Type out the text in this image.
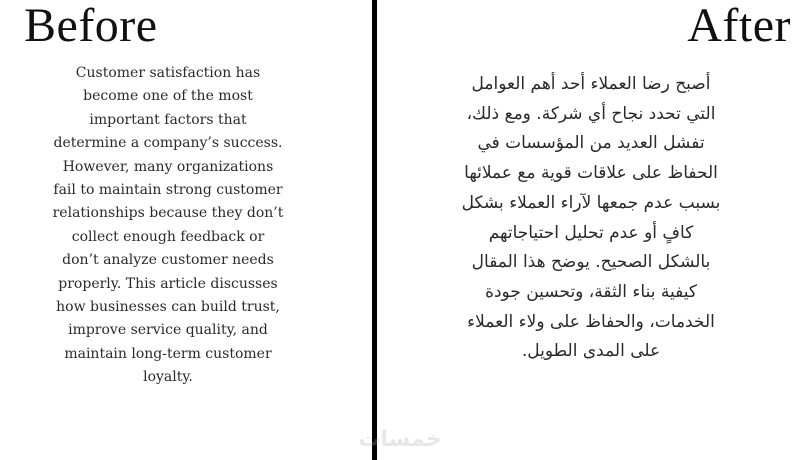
Before
Customer satisfaction has become one of the most important factors that determine a company’s success. However, many organizations fail to maintain strong customer relationships because they don’t collect enough feedback or don’t analyze customer needs properly. This article discusses how businesses can build trust, improve service quality, and maintain long-term customer loyalty.
After
أصبح رضا العملاء أحد أهم العوامل التي تحدد نجاح أي شركة. ومع ذلك، تفشل العديد من المؤسسات في الحفاظ على علاقات قوية مع عملائها بسبب عدم جمعها لآراء العملاء بشكل كافٍ أو عدم تحليل احتياجاتهم بالشكل الصحيح. يوضح هذا المقال كيفية بناء الثقة، وتحسين جودة الخدمات، والحفاظ على ولاء العملاء على المدى الطويل.
خمسات
